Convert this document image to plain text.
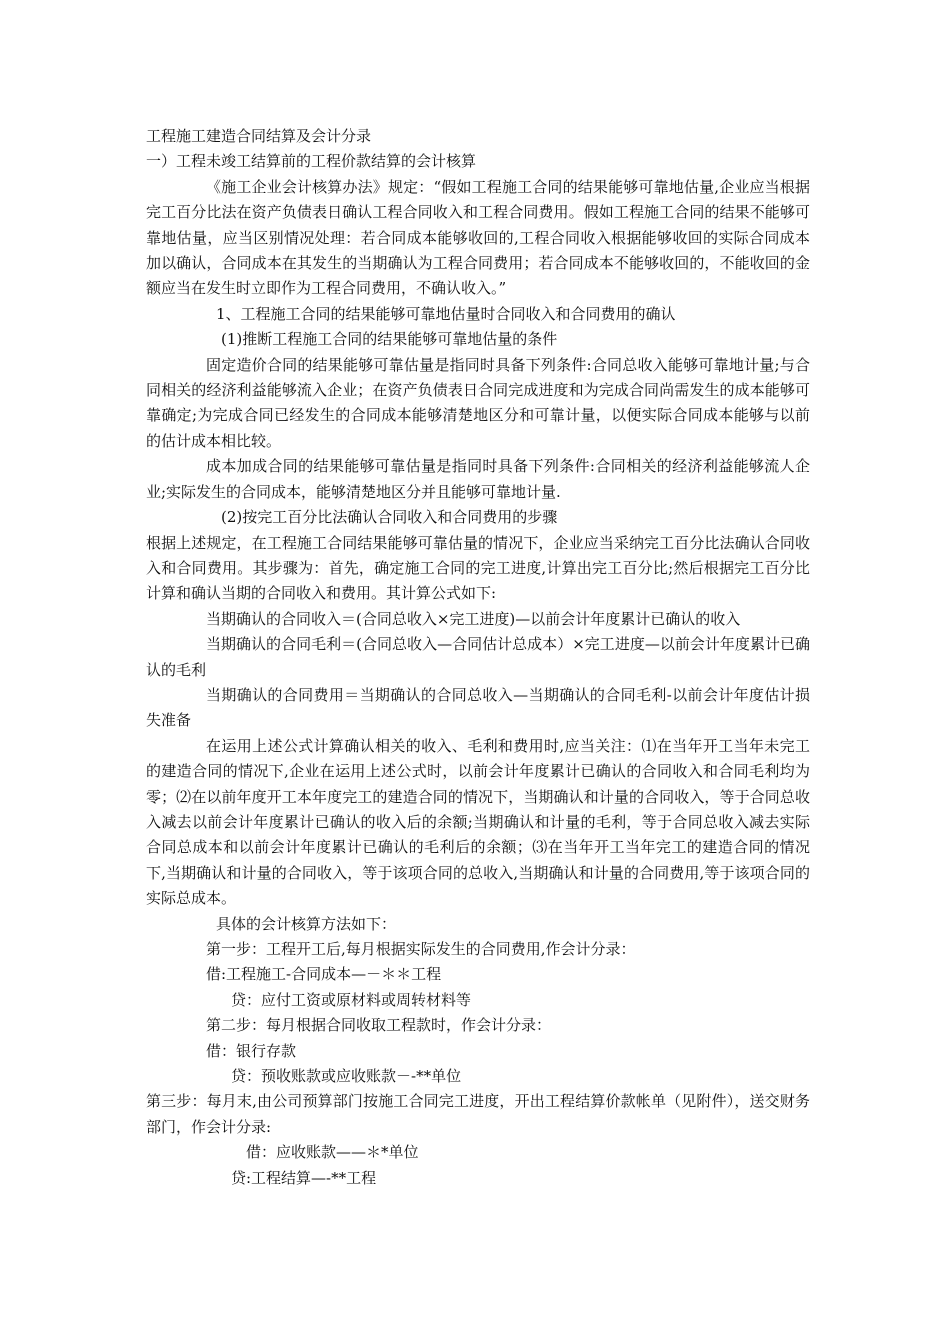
工程施工建造合同结算及会计分录

一）工程未竣工结算前的工程价款结算的会计核算

《施工企业会计核算办法》规定：“假如工程施工合同的结果能够可靠地估量,企业应当根据完工百分比法在资产负债表日确认工程合同收入和工程合同费用。假如工程施工合同的结果不能够可靠地估量，应当区别情况处理：若合同成本能够收回的,工程合同收入根据能够收回的实际合同成本加以确认，合同成本在其发生的当期确认为工程合同费用；若合同成本不能够收回的，不能收回的金额应当在发生时立即作为工程合同费用，不确认收入。”

1、工程施工合同的结果能够可靠地估量时合同收入和合同费用的确认

(1)推断工程施工合同的结果能够可靠地估量的条件

固定造价合同的结果能够可靠估量是指同时具备下列条件:合同总收入能够可靠地计量;与合同相关的经济利益能够流入企业；在资产负债表日合同完成进度和为完成合同尚需发生的成本能够可靠确定;为完成合同已经发生的合同成本能够清楚地区分和可靠计量，以便实际合同成本能够与以前的估计成本相比较。

成本加成合同的结果能够可靠估量是指同时具备下列条件:合同相关的经济利益能够流人企业;实际发生的合同成本，能够清楚地区分并且能够可靠地计量.

(2)按完工百分比法确认合同收入和合同费用的步骤

根据上述规定，在工程施工合同结果能够可靠估量的情况下，企业应当采纳完工百分比法确认合同收入和合同费用。其步骤为：首先，确定施工合同的完工进度,计算出完工百分比;然后根据完工百分比计算和确认当期的合同收入和费用。其计算公式如下:

当期确认的合同收入＝(合同总收入×完工进度)—以前会计年度累计已确认的收入

当期确认的合同毛利＝(合同总收入—合同估计总成本）×完工进度—以前会计年度累计已确认的毛利

当期确认的合同费用＝当期确认的合同总收入—当期确认的合同毛利-以前会计年度估计损失准备

在运用上述公式计算确认相关的收入、毛利和费用时,应当关注：⑴在当年开工当年未完工的建造合同的情况下,企业在运用上述公式时，以前会计年度累计已确认的合同收入和合同毛利均为零；⑵在以前年度开工本年度完工的建造合同的情况下，当期确认和计量的合同收入，等于合同总收入减去以前会计年度累计已确认的收入后的余额;当期确认和计量的毛利，等于合同总收入减去实际合同总成本和以前会计年度累计已确认的毛利后的余额；⑶在当年开工当年完工的建造合同的情况下,当期确认和计量的合同收入，等于该项合同的总收入,当期确认和计量的合同费用,等于该项合同的实际总成本。

具体的会计核算方法如下：

第一步：工程开工后,每月根据实际发生的合同费用,作会计分录：

借:工程施工-合同成本—－＊＊工程

贷：应付工资或原材料或周转材料等

第二步：每月根据合同收取工程款时，作会计分录：

借：银行存款

贷：预收账款或应收账款－-**单位

第三步：每月末,由公司预算部门按施工合同完工进度，开出工程结算价款帐单（见附件），送交财务部门，作会计分录:

借：应收账款——＊*单位

贷:工程结算—-**工程
